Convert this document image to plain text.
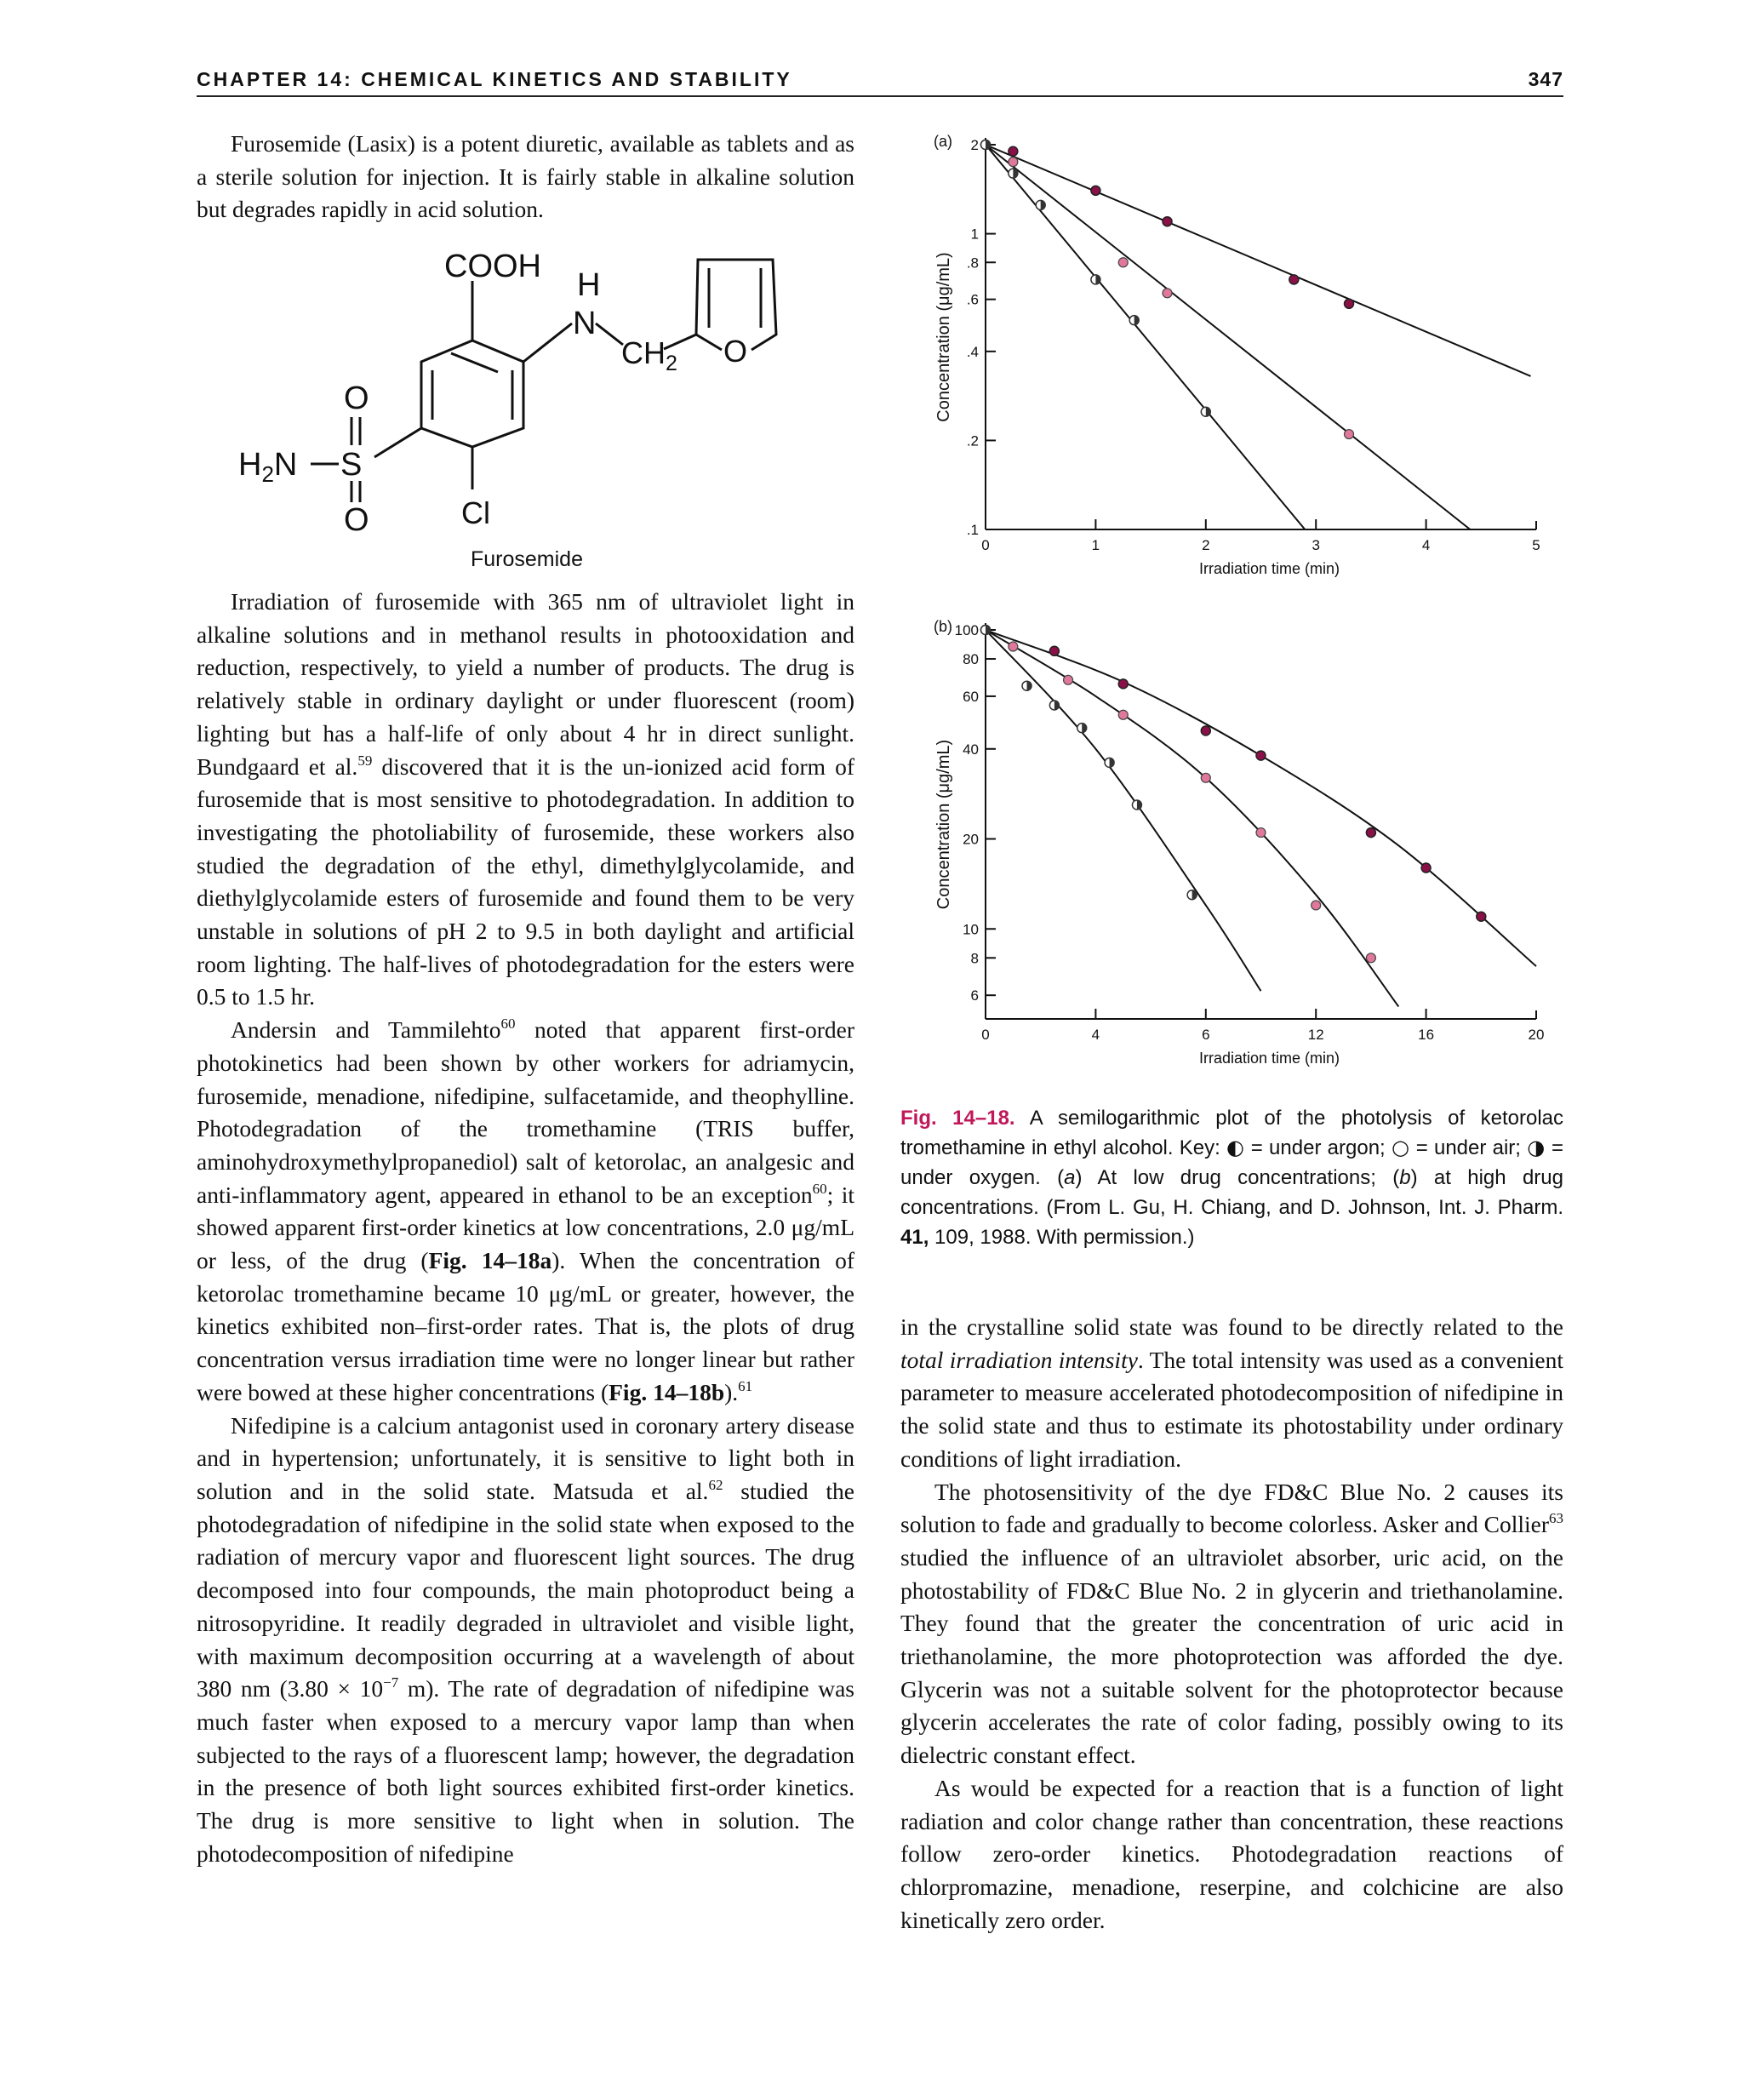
CHAPTER 14: CHEMICAL KINETICS AND STABILITY	347

Furosemide (Lasix) is a potent diuretic, available as tablets and as a sterile solution for injection. It is fairly stable in alkaline solution but degrades rapidly in acid solution.

COOH
H
N
$CH_2$ O
$H_2N$ S
O
O	Cl
Furosemide

Irradiation of furosemide with 365 nm of ultraviolet light in alkaline solutions and in methanol results in photooxidation and reduction, respectively, to yield a number of products. The drug is relatively stable in ordinary daylight or under fluorescent (room) lighting but has a half-life of only about 4 hr in direct sunlight. Bundgaard et al.$^{59}$ discovered that it is the un-ionized acid form of furosemide that is most sensitive to photodegradation. In addition to investigating the photoliability of furosemide, these workers also studied the degradation of the ethyl, dimethylglycolamide, and diethylglycolamide esters of furosemide and found them to be very unstable in solutions of pH 2 to 9.5 in both daylight and artificial room lighting. The half-lives of photodegradation for the esters were 0.5 to 1.5 hr.

Andersin and Tammilehto$^{60}$ noted that apparent first-order photokinetics had been shown by other workers for adriamycin, furosemide, menadione, nifedipine, sulfacetamide, and theophylline. Photodegradation of the tromethamine (TRIS buffer, aminohydroxymethylpropanediol) salt of ketorolac, an analgesic and anti-inflammatory agent, appeared in ethanol to be an exception$^{60}$; it showed apparent first-order kinetics at low concentrations, 2.0 μg/mL or less, of the drug (Fig. 14–18a). When the concentration of ketorolac tromethamine became 10 μg/mL or greater, however, the kinetics exhibited non–first-order rates. That is, the plots of drug concentration versus irradiation time were no longer linear but rather were bowed at these higher concentrations (Fig. 14–18b).$^{61}$

Nifedipine is a calcium antagonist used in coronary artery disease and in hypertension; unfortunately, it is sensitive to light both in solution and in the solid state. Matsuda et al.$^{62}$ studied the photodegradation of nifedipine in the solid state when exposed to the radiation of mercury vapor and fluorescent light sources. The drug decomposed into four compounds, the main photoproduct being a nitrosopyridine. It readily degraded in ultraviolet and visible light, with maximum decomposition occurring at a wavelength of about 380 nm ($3.80 \times 10^{-7}$ m). The rate of degradation of nifedipine was much faster when exposed to a mercury vapor lamp than when subjected to the rays of a fluorescent lamp; however, the degradation in the presence of both light sources exhibited first-order kinetics. The drug is more sensitive to light when in solution. The photodecomposition of nifedipine

(a) 2
1
.8
.6
.4
.2
.1
0	1	2	3	4	5
Irradiation time (min)
Concentration (μg/mL)
(b) 100
80
60
40
20
10
8
6
0	4	6	12	16	20
Irradiation time (min)
Concentration (μg/mL)
Fig. 14–18. A semilogarithmic plot of the photolysis of ketorolac tromethamine in ethyl alcohol. Key: ◐ = under argon; ○ = under air; ◑ = under oxygen. (a) At low drug concentrations; (b) at high drug concentrations. (From L. Gu, H. Chiang, and D. Johnson, Int. J. Pharm. 41, 109, 1988. With permission.)

in the crystalline solid state was found to be directly related to the total irradiation intensity. The total intensity was used as a convenient parameter to measure accelerated photodecomposition of nifedipine in the solid state and thus to estimate its photostability under ordinary conditions of light irradiation.

The photosensitivity of the dye FD&C Blue No. 2 causes its solution to fade and gradually to become colorless. Asker and Collier$^{63}$ studied the influence of an ultraviolet absorber, uric acid, on the photostability of FD&C Blue No. 2 in glycerin and triethanolamine. They found that the greater the concentration of uric acid in triethanolamine, the more photoprotection was afforded the dye. Glycerin was not a suitable solvent for the photoprotector because glycerin accelerates the rate of color fading, possibly owing to its dielectric constant effect.

As would be expected for a reaction that is a function of light radiation and color change rather than concentration, these reactions follow zero-order kinetics. Photodegradation reactions of chlorpromazine, menadione, reserpine, and colchicine are also kinetically zero order.
